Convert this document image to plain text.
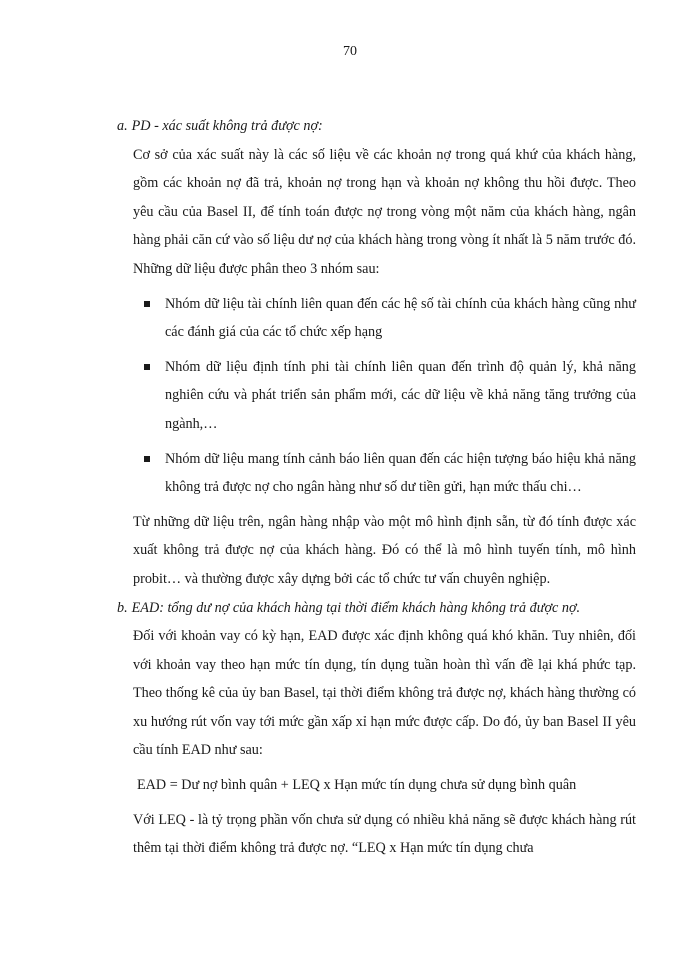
70

a. PD - xác suất không trả được nợ:

Cơ sở của xác suất này là các số liệu về các khoản nợ trong quá khứ của khách hàng, gồm các khoản nợ đã trả, khoản nợ trong hạn và khoản nợ không thu hồi được. Theo yêu cầu của Basel II, để tính toán được nợ trong vòng một năm của khách hàng, ngân hàng phải căn cứ vào số liệu dư nợ của khách hàng trong vòng ít nhất là 5 năm trước đó. Những dữ liệu được phân theo 3 nhóm sau:

Nhóm dữ liệu tài chính liên quan đến các hệ số tài chính của khách hàng cũng như các đánh giá của các tổ chức xếp hạng
Nhóm dữ liệu định tính phi tài chính liên quan đến trình độ quản lý, khả năng nghiên cứu và phát triển sản phẩm mới, các dữ liệu về khả năng tăng trưởng của ngành,…
Nhóm dữ liệu mang tính cảnh báo liên quan đến các hiện tượng báo hiệu khả năng không trả được nợ cho ngân hàng như số dư tiền gửi, hạn mức thấu chi…

Từ những dữ liệu trên, ngân hàng nhập vào một mô hình định sẵn, từ đó tính được xác xuất không trả được nợ của khách hàng. Đó có thể là mô hình tuyến tính, mô hình probit… và thường được xây dựng bởi các tổ chức tư vấn chuyên nghiệp.

b. EAD: tổng dư nợ của khách hàng tại thời điểm khách hàng không trả được nợ.

Đối với khoản vay có kỳ hạn, EAD được xác định không quá khó khăn. Tuy nhiên, đối với khoản vay theo hạn mức tín dụng, tín dụng tuần hoàn thì vấn đề lại khá phức tạp. Theo thống kê của ủy ban Basel, tại thời điểm không trả được nợ, khách hàng thường có xu hướng rút vốn vay tới mức gần xấp xỉ hạn mức được cấp. Do đó, ủy ban Basel II yêu cầu tính EAD như sau:

EAD = Dư nợ bình quân + LEQ x Hạn mức tín dụng chưa sử dụng bình quân

Với LEQ - là tỷ trọng phần vốn chưa sử dụng có nhiều khả năng sẽ được khách hàng rút thêm tại thời điểm không trả được nợ. “LEQ x Hạn mức tín dụng chưa
